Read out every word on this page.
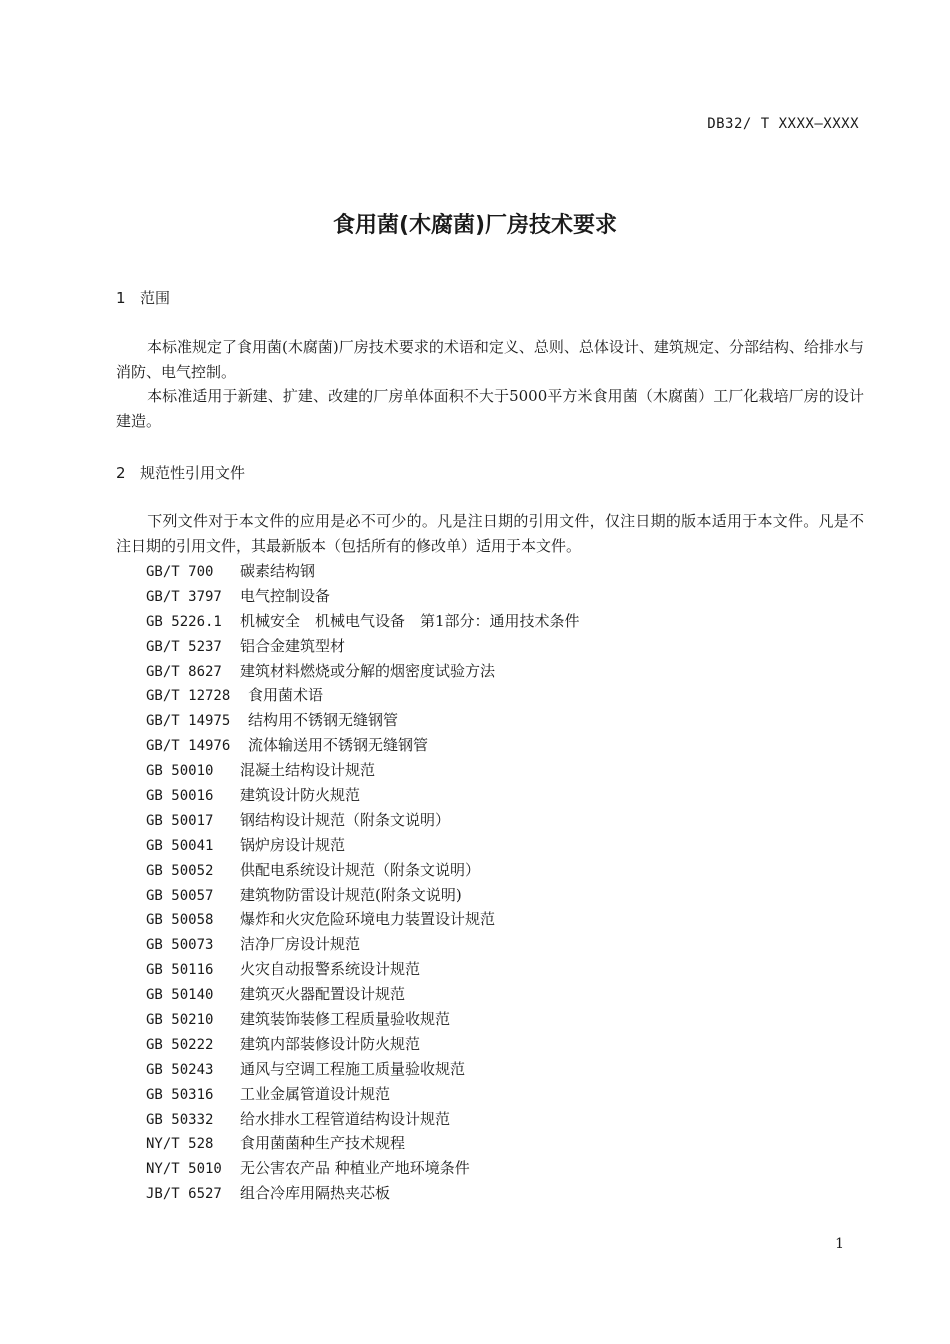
DB32/ T XXXX—XXXX
食用菌(木腐菌)厂房技术要求
1 范围
本标准规定了食用菌(木腐菌)厂房技术要求的术语和定义、总则、总体设计、建筑规定、分部结构、给排水与消防、电气控制。
本标准适用于新建、扩建、改建的厂房单体面积不大于5000平方米食用菌（木腐菌）工厂化栽培厂房的设计建造。
2 规范性引用文件
下列文件对于本文件的应用是必不可少的。凡是注日期的引用文件，仅注日期的版本适用于本文件。凡是不注日期的引用文件，其最新版本（包括所有的修改单）适用于本文件。
GB/T 700 碳素结构钢
GB/T 3797 电气控制设备
GB 5226.1 机械安全　机械电气设备　第1部分：通用技术条件
GB/T 5237 铝合金建筑型材
GB/T 8627 建筑材料燃烧或分解的烟密度试验方法
GB/T 12728 食用菌术语
GB/T 14975 结构用不锈钢无缝钢管
GB/T 14976 流体输送用不锈钢无缝钢管
GB 50010 混凝土结构设计规范
GB 50016 建筑设计防火规范
GB 50017 钢结构设计规范（附条文说明）
GB 50041 锅炉房设计规范
GB 50052 供配电系统设计规范（附条文说明）
GB 50057 建筑物防雷设计规范(附条文说明)
GB 50058 爆炸和火灾危险环境电力装置设计规范
GB 50073 洁净厂房设计规范
GB 50116 火灾自动报警系统设计规范
GB 50140 建筑灭火器配置设计规范
GB 50210 建筑装饰装修工程质量验收规范
GB 50222 建筑内部装修设计防火规范
GB 50243 通风与空调工程施工质量验收规范
GB 50316 工业金属管道设计规范
GB 50332 给水排水工程管道结构设计规范
NY/T 528 食用菌菌种生产技术规程
NY/T 5010 无公害农产品 种植业产地环境条件
JB/T 6527 组合冷库用隔热夹芯板
1
